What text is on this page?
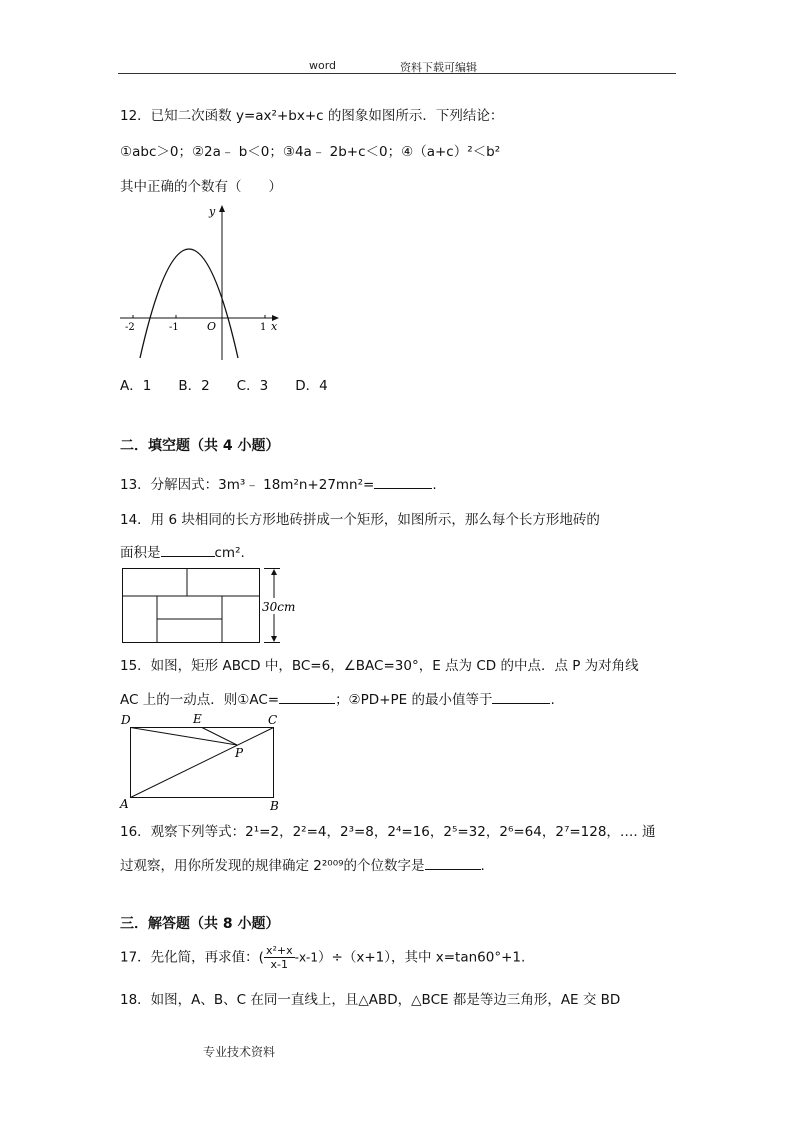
word	资料下载可编辑
12．已知二次函数 y=ax²+bx+c 的图象如图所示．下列结论：
①abc＞0；②2a﹣ b＜0；③4a﹣ 2b+c＜0；④（a+c）²＜b²
其中正确的个数有（　　）
y
x
O
-2	-1	1
A．1　　B．2　　C．3　　D．4
二．填空题（共 4 小题）
13．分解因式：3m³﹣ 18m²n+27mn²=	.
14．用 6 块相同的长方形地砖拼成一个矩形，如图所示，那么每个长方形地砖的
面积是	cm².
30cm
15．如图，矩形 ABCD 中，BC=6，∠BAC=30°，E 点为 CD 的中点．点 P 为对角线
AC 上的一动点．则①AC=	；②PD+PE 的最小值等于	.
D	E	C
P
A	B
16．观察下列等式：2¹=2，2²=4，2³=8，2⁴=16，2⁵=32，2⁶=64，2⁷=128，…. 通
过观察，用你所发现的规律确定 2²⁰⁰⁹的个位数字是	.
三．解答题（共 8 小题）
17．先化简，再求值：( $\frac{\text{x²+x}}{x-1} -x-1)\div(x+1)$，其中 x=tan60°+1.
18．如图，A、B、C 在同一直线上，且△ABD，△BCE 都是等边三角形，AE 交 BD
专业技术资料
